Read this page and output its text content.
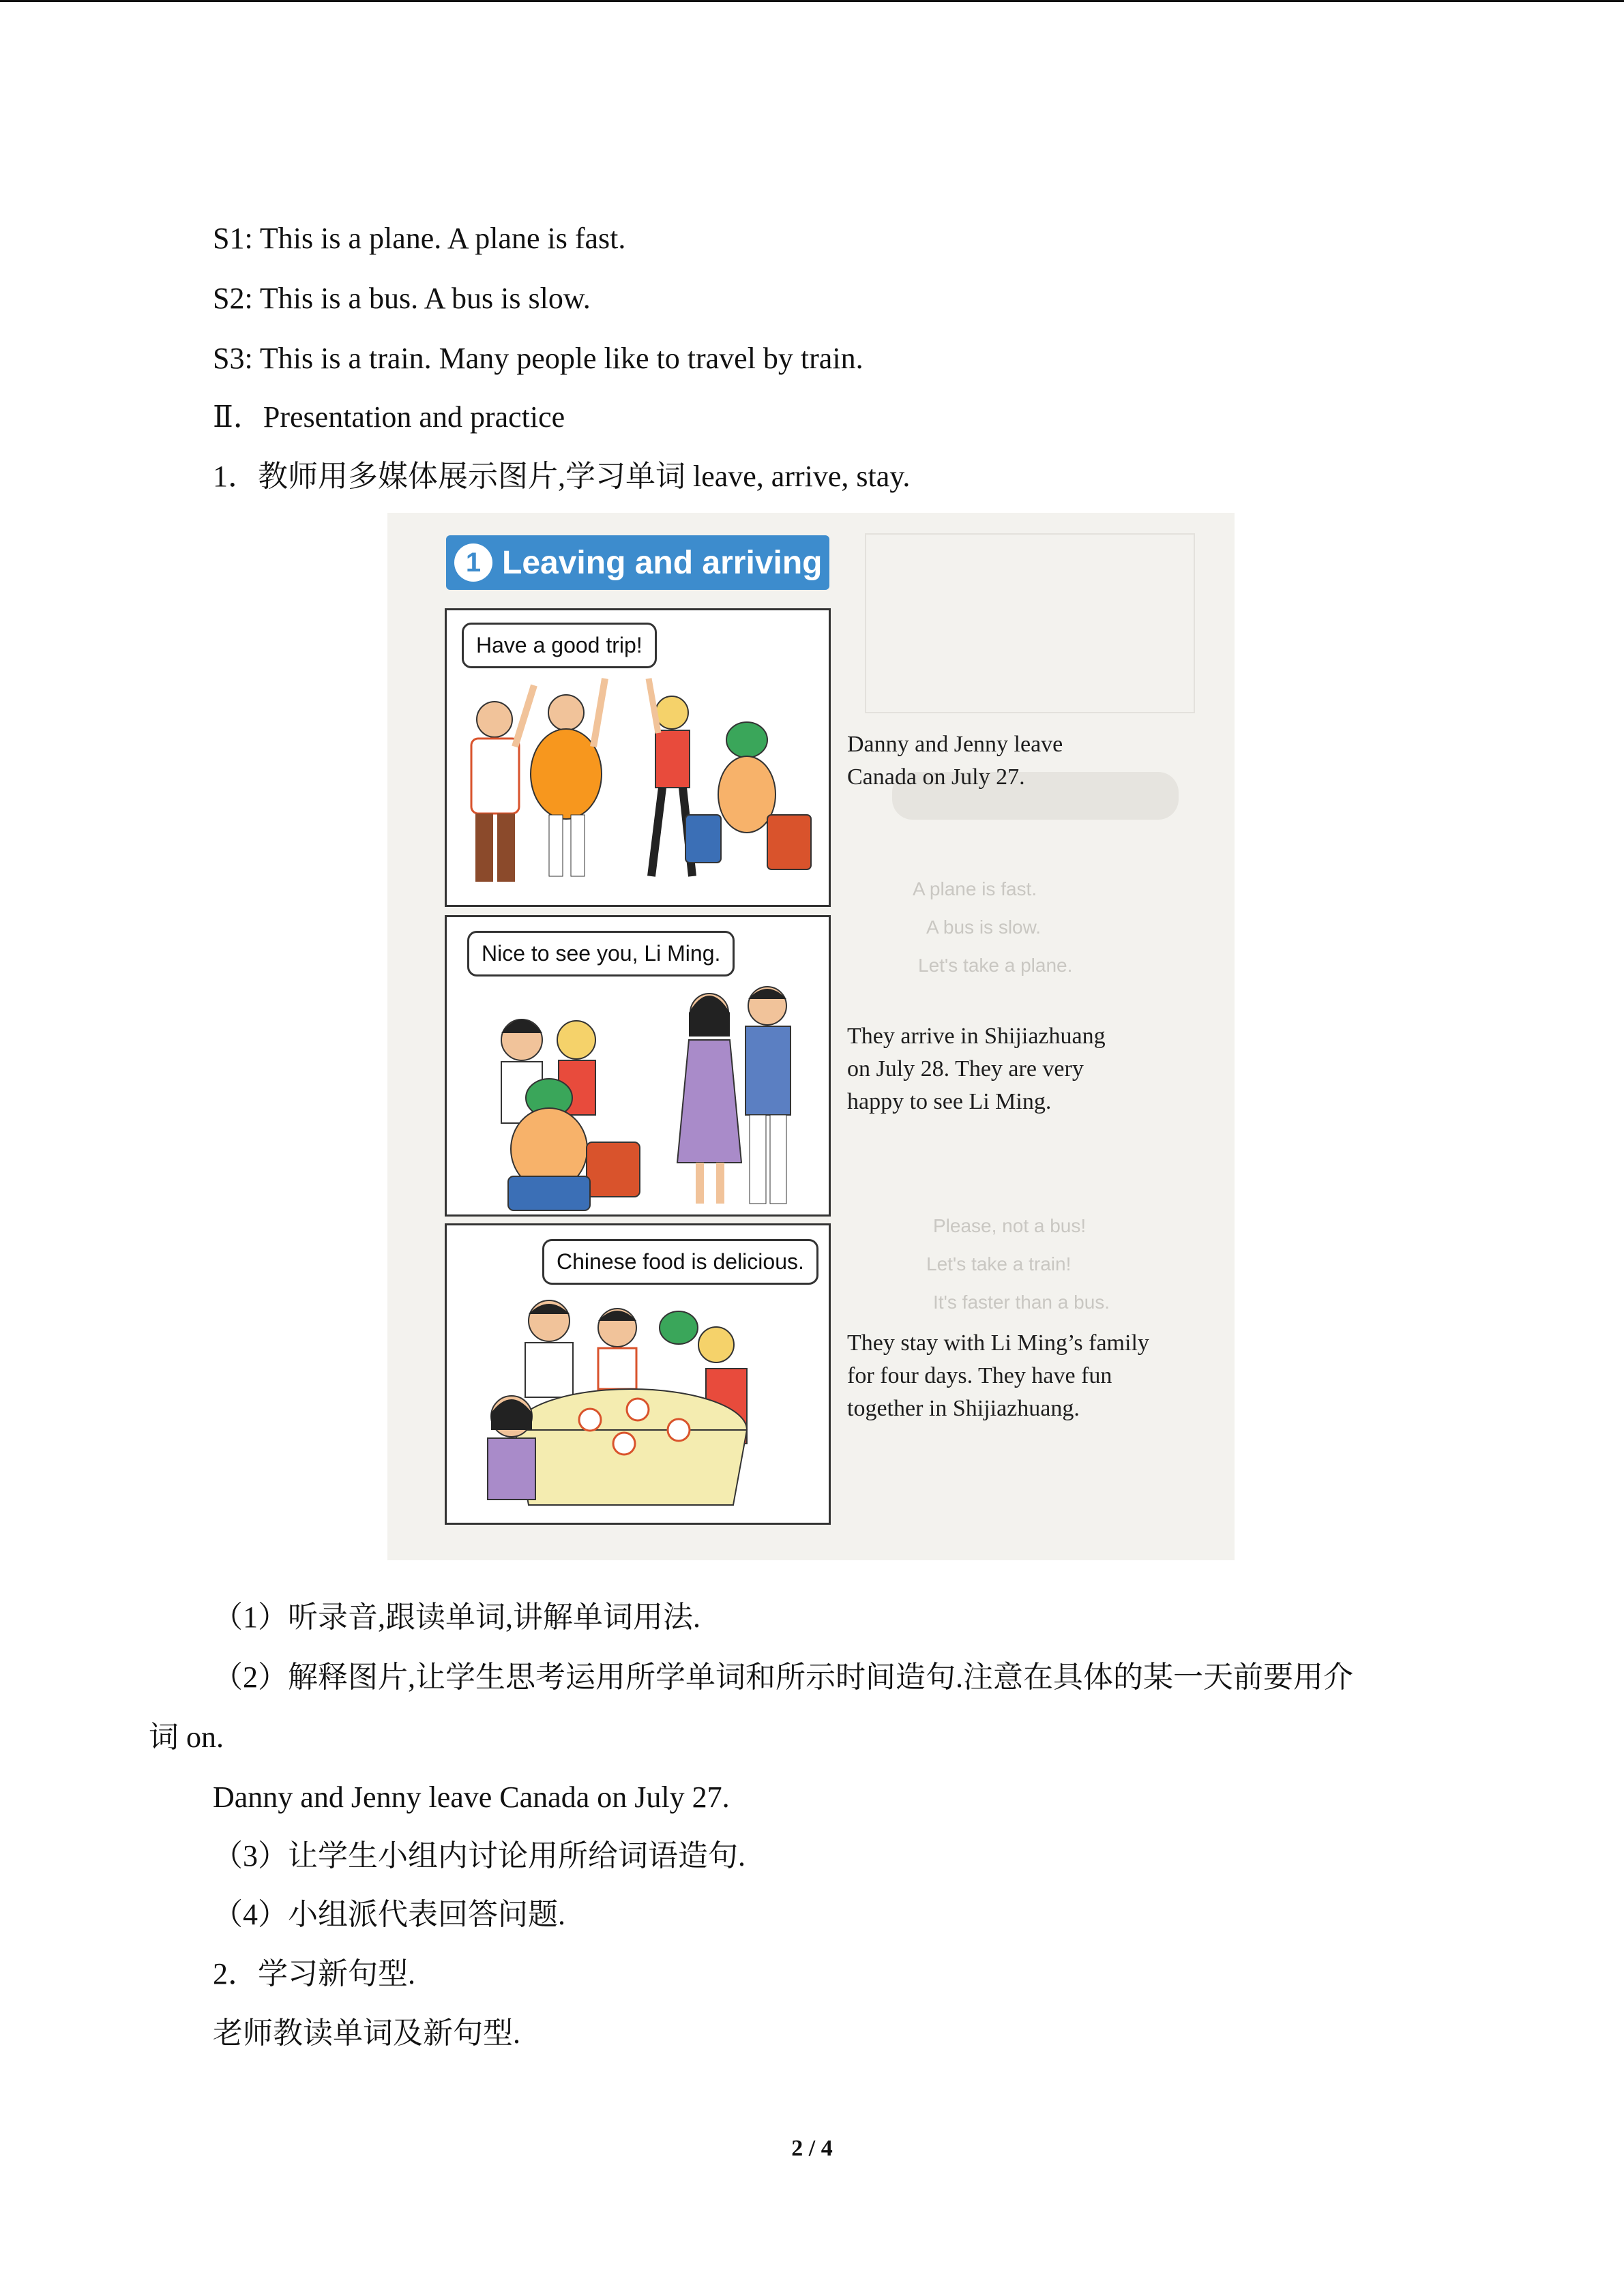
S1: This is a plane. A plane is fast.
S2: This is a bus. A bus is slow.
S3: This is a train. Many people like to travel by train.
Ⅱ．Presentation and practice
1．教师用多媒体展示图片,学习单词 leave, arrive, stay.
A plane is fast.
A bus is slow.
Let's take a plane.
Please, not a bus!
Let's take a train!
It's faster than a bus.
1 Leaving and arriving
Have a good trip!
Danny and Jenny leave
Canada on July 27.
Nice to see you, Li Ming.
They arrive in Shijiazhuang
on July 28. They are very
happy to see Li Ming.
Chinese food is delicious.
They stay with Li Ming’s family
for four days. They have fun
together in Shijiazhuang.
（1）听录音,跟读单词,讲解单词用法.
（2）解释图片,让学生思考运用所学单词和所示时间造句.注意在具体的某一天前要用介
词 on.
Danny and Jenny leave Canada on July 27.
（3）让学生小组内讨论用所给词语造句.
（4）小组派代表回答问题.
2．学习新句型.
老师教读单词及新句型.
2 / 4
